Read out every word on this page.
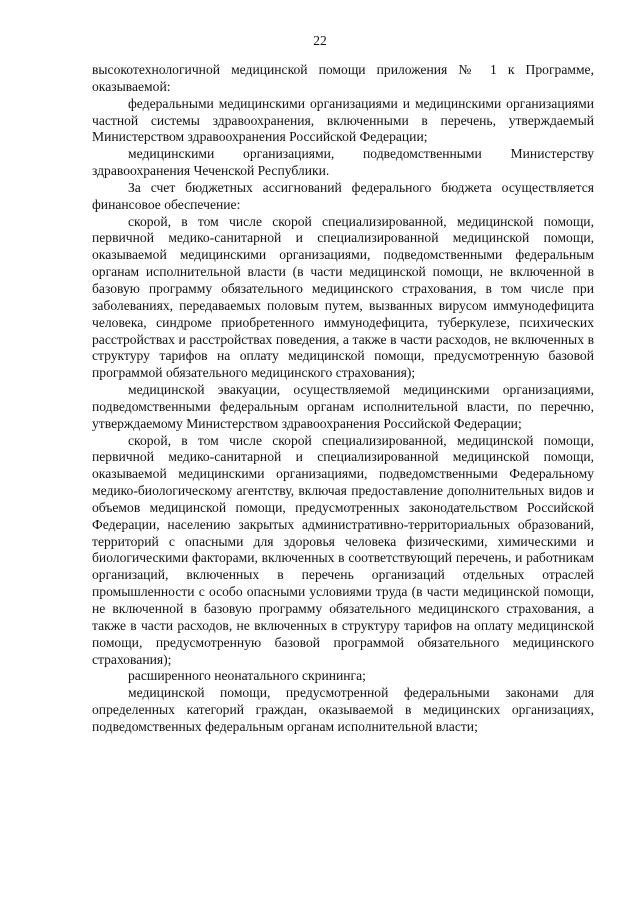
22

высокотехнологичной медицинской помощи приложения № 1 к Программе, оказываемой:

федеральными медицинскими организациями и медицинскими организациями частной системы здравоохранения, включенными в перечень, утверждаемый Министерством здравоохранения Российской Федерации;

медицинскими организациями, подведомственными Министерству здравоохранения Чеченской Республики.

За счет бюджетных ассигнований федерального бюджета осуществляется финансовое обеспечение:

скорой, в том числе скорой специализированной, медицинской помощи, первичной медико-санитарной и специализированной медицинской помощи, оказываемой медицинскими организациями, подведомственными федеральным органам исполнительной власти (в части медицинской помощи, не включенной в базовую программу обязательного медицинского страхования, в том числе при заболеваниях, передаваемых половым путем, вызванных вирусом иммунодефицита человека, синдроме приобретенного иммунодефицита, туберкулезе, психических расстройствах и расстройствах поведения, а также в части расходов, не включенных в структуру тарифов на оплату медицинской помощи, предусмотренную базовой программой обязательного медицинского страхования);

медицинской эвакуации, осуществляемой медицинскими организациями, подведомственными федеральным органам исполнительной власти, по перечню, утверждаемому Министерством здравоохранения Российской Федерации;

скорой, в том числе скорой специализированной, медицинской помощи, первичной медико-санитарной и специализированной медицинской помощи, оказываемой медицинскими организациями, подведомственными Федеральному медико-биологическому агентству, включая предоставление дополнительных видов и объемов медицинской помощи, предусмотренных законодательством Российской Федерации, населению закрытых административно-территориальных образований, территорий с опасными для здоровья человека физическими, химическими и биологическими факторами, включенных в соответствующий перечень, и работникам организаций, включенных в перечень организаций отдельных отраслей промышленности с особо опасными условиями труда (в части медицинской помощи, не включенной в базовую программу обязательного медицинского страхования, а также в части расходов, не включенных в структуру тарифов на оплату медицинской помощи, предусмотренную базовой программой обязательного медицинского страхования);

расширенного неонатального скрининга;

медицинской помощи, предусмотренной федеральными законами для определенных категорий граждан, оказываемой в медицинских организациях, подведомственных федеральным органам исполнительной власти;
